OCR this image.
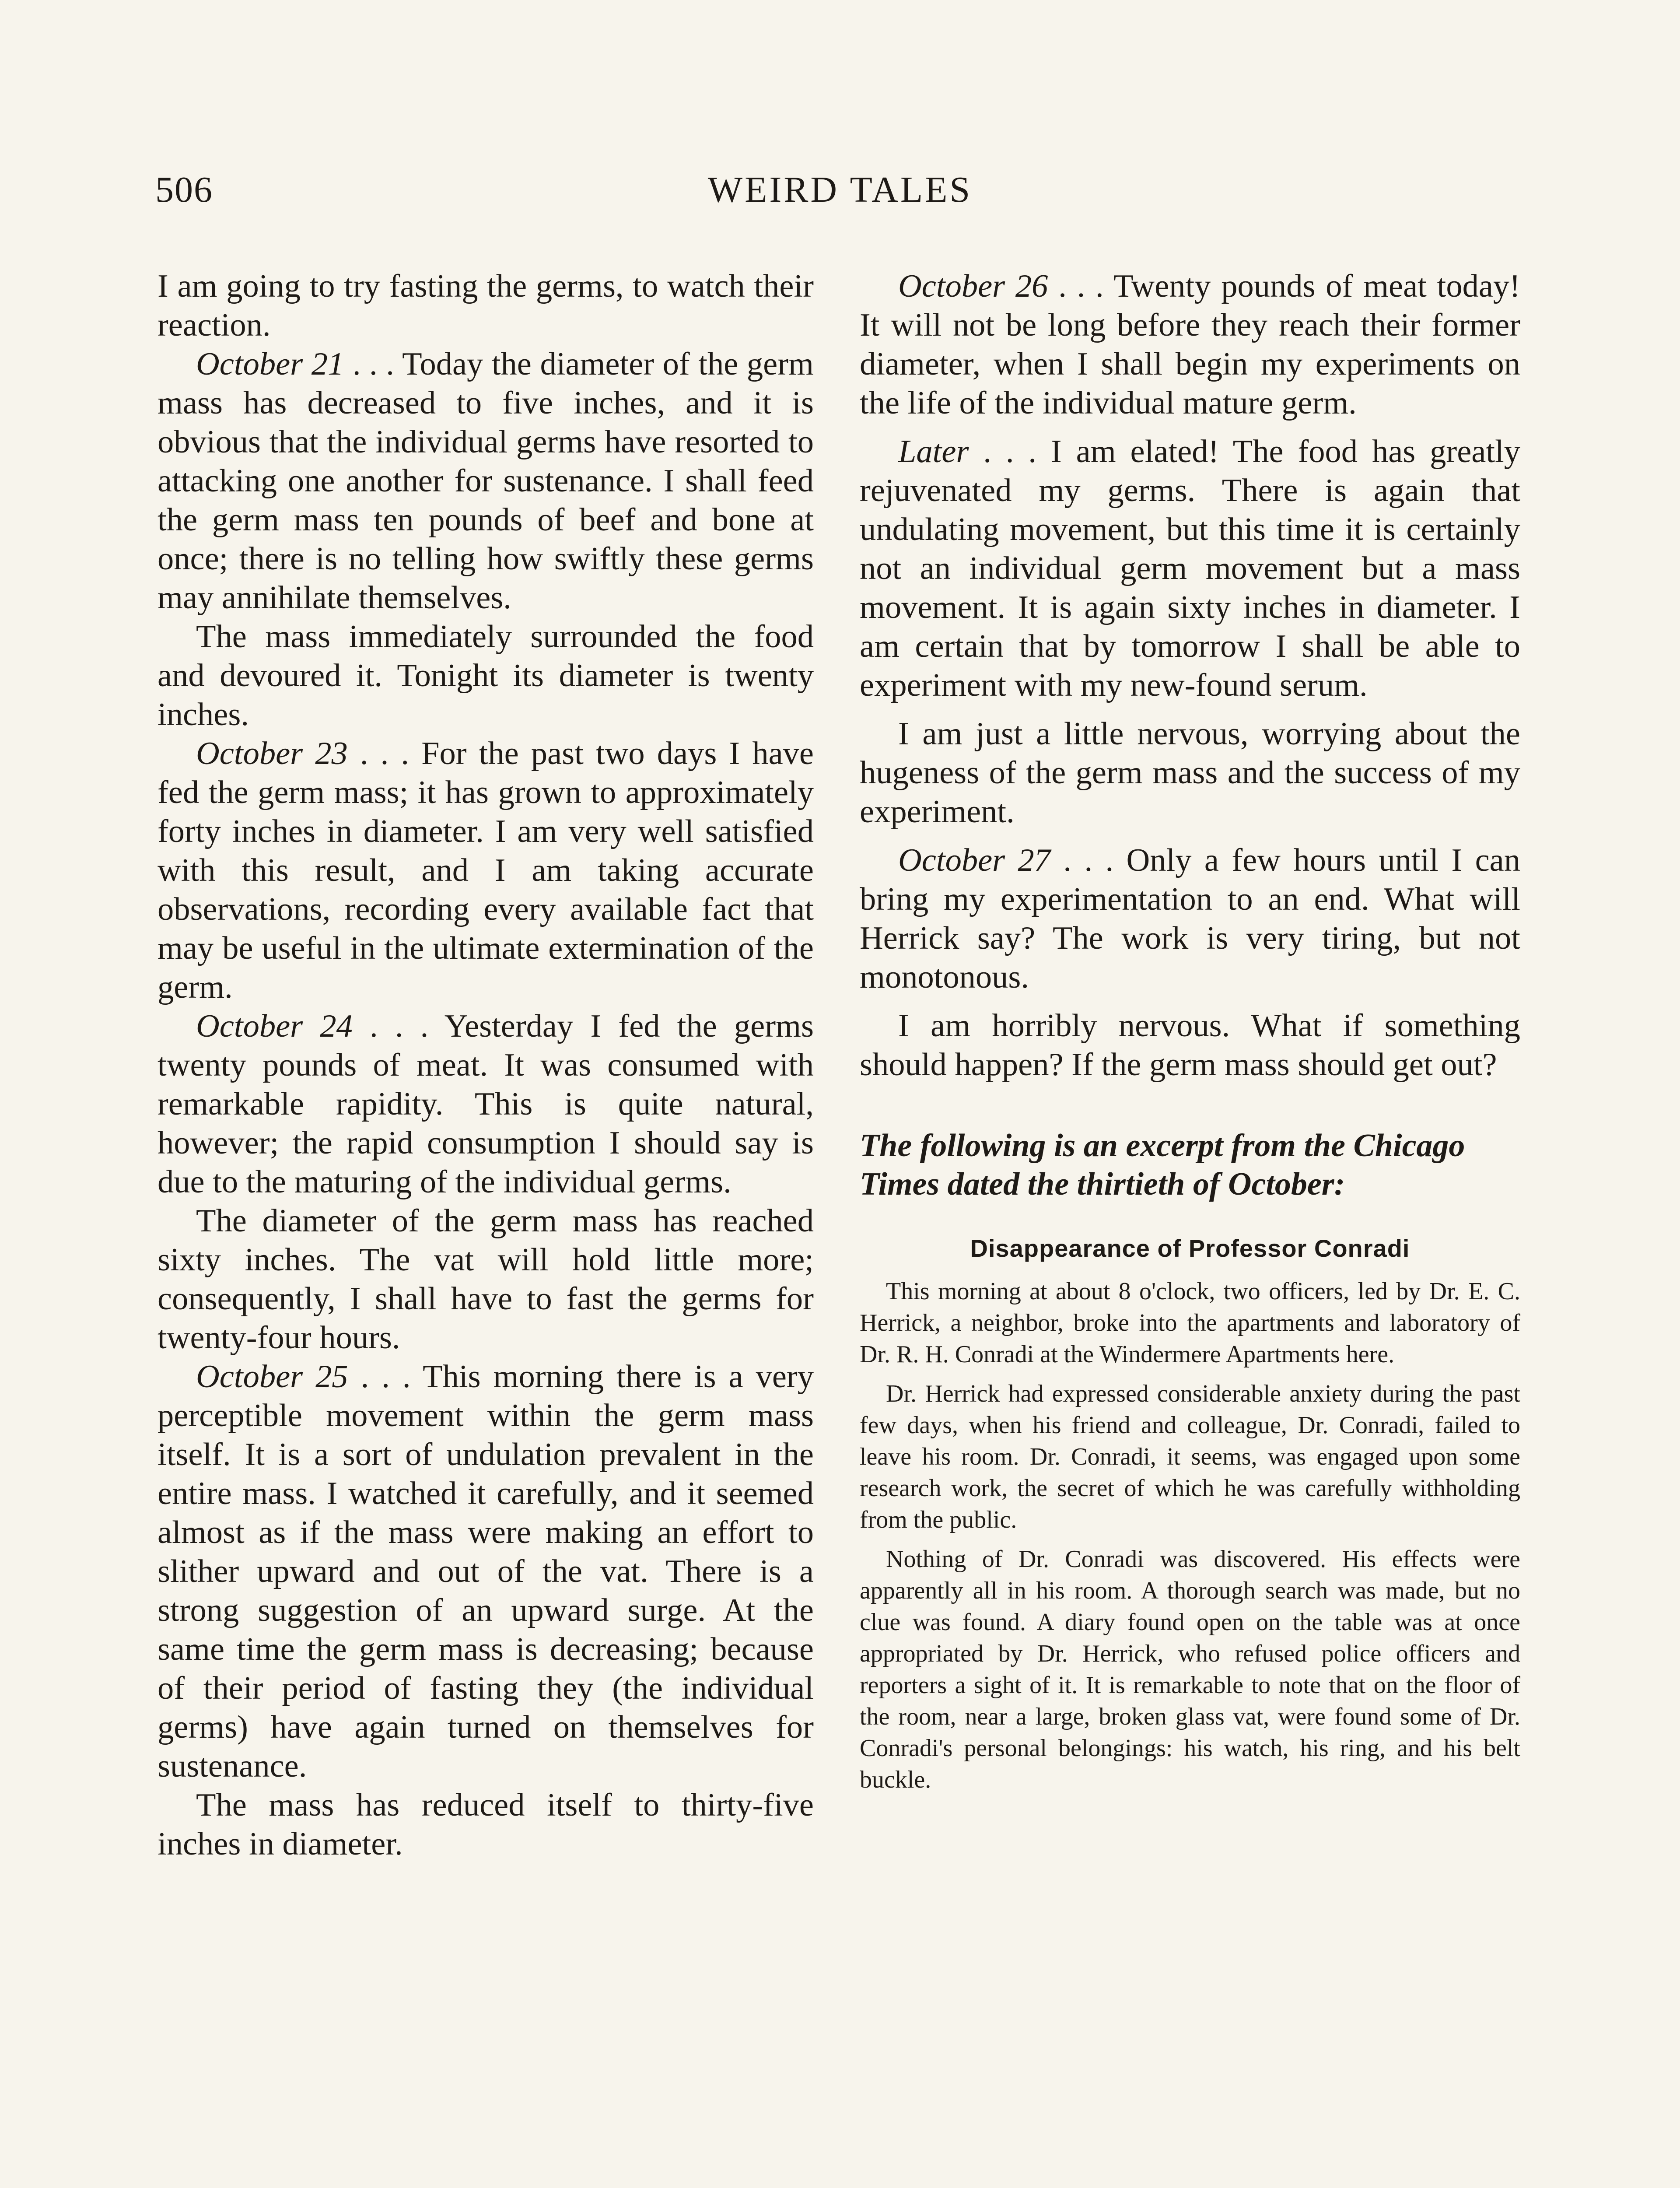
506	WEIRD TALES

I am going to try fasting the germs, to watch their reaction.

October 21 . . . Today the diameter of the germ mass has decreased to five inches, and it is obvious that the individual germs have resorted to attacking one another for sustenance. I shall feed the germ mass ten pounds of beef and bone at once; there is no telling how swiftly these germs may annihilate themselves.

The mass immediately surrounded the food and devoured it. Tonight its diameter is twenty inches.

October 23 . . . For the past two days I have fed the germ mass; it has grown to approximately forty inches in diameter. I am very well satisfied with this result, and I am taking accurate observations, recording every available fact that may be useful in the ultimate extermination of the germ.

October 24 . . . Yesterday I fed the germs twenty pounds of meat. It was consumed with remarkable rapidity. This is quite natural, however; the rapid consumption I should say is due to the maturing of the individual germs.

The diameter of the germ mass has reached sixty inches. The vat will hold little more; consequently, I shall have to fast the germs for twenty-four hours.

October 25 . . . This morning there is a very perceptible movement within the germ mass itself. It is a sort of undulation prevalent in the entire mass. I watched it carefully, and it seemed almost as if the mass were making an effort to slither upward and out of the vat. There is a strong suggestion of an upward surge. At the same time the germ mass is decreasing; because of their period of fasting they (the individual germs) have again turned on themselves for sustenance.

The mass has reduced itself to thirty-five inches in diameter.

October 26 . . . Twenty pounds of meat today! It will not be long before they reach their former diameter, when I shall begin my experiments on the life of the individual mature germ.

Later . . . I am elated! The food has greatly rejuvenated my germs. There is again that undulating movement, but this time it is certainly not an individual germ movement but a mass movement. It is again sixty inches in diameter. I am certain that by tomorrow I shall be able to experiment with my new-found serum.

I am just a little nervous, worrying about the hugeness of the germ mass and the success of my experiment.

October 27 . . . Only a few hours until I can bring my experimentation to an end. What will Herrick say? The work is very tiring, but not monotonous.

I am horribly nervous. What if something should happen? If the germ mass should get out?

The following is an excerpt from the Chicago Times dated the thirtieth of October:

Disappearance of Professor Conradi

This morning at about 8 o'clock, two officers, led by Dr. E. C. Herrick, a neighbor, broke into the apartments and laboratory of Dr. R. H. Conradi at the Windermere Apartments here.

Dr. Herrick had expressed considerable anxiety during the past few days, when his friend and colleague, Dr. Conradi, failed to leave his room. Dr. Conradi, it seems, was engaged upon some research work, the secret of which he was carefully withholding from the public.

Nothing of Dr. Conradi was discovered. His effects were apparently all in his room. A thorough search was made, but no clue was found. A diary found open on the table was at once appropriated by Dr. Herrick, who refused police officers and reporters a sight of it. It is remarkable to note that on the floor of the room, near a large, broken glass vat, were found some of Dr. Conradi's personal belongings: his watch, his ring, and his belt buckle.
